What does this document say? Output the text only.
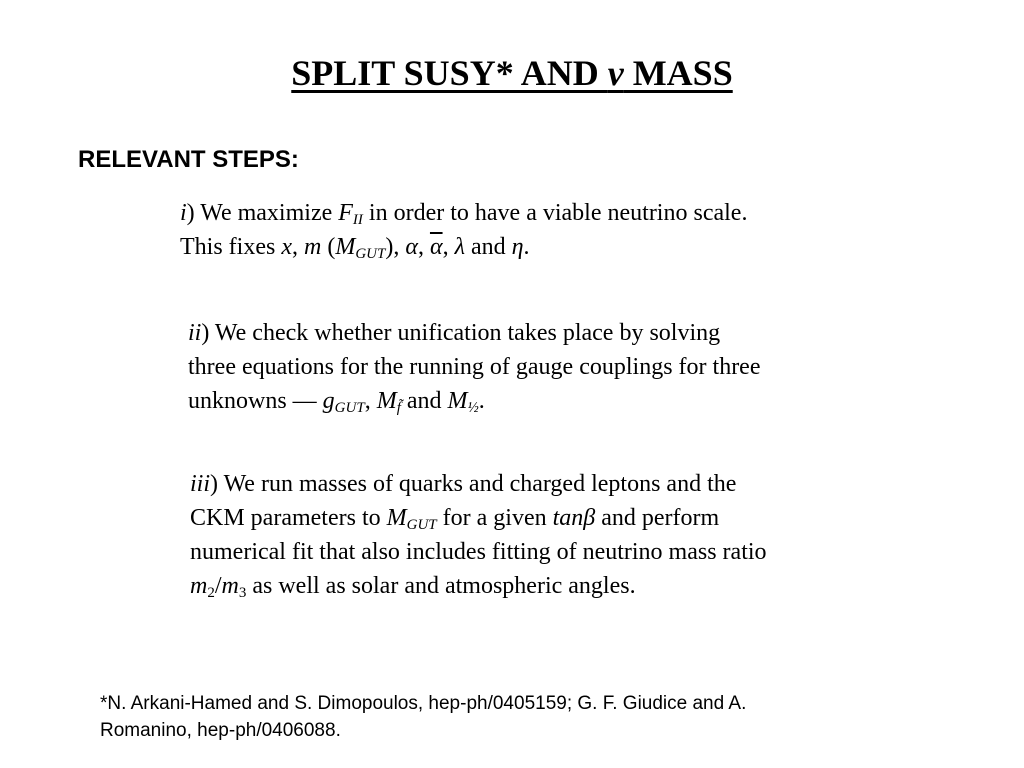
SPLIT SUSY* AND ν MASS
RELEVANT STEPS:
i) We maximize $F_{II}$ in order to have a viable neutrino scale.
This fixes x, m $(M_{GUT})$, α, $\overline{\alpha}$, λ and η.
ii) We check whether unification takes place by solving
three equations for the running of gauge couplings for three
unknowns ― $g_{GUT}$, $M_{f̃}$ and $M_{\frac{1}{2}}$.
iii) We run masses of quarks and charged leptons and the
CKM parameters to $M_{GUT}$ for a given tanβ and perform
numerical fit that also includes fitting of neutrino mass ratio
$m_2/m_3$ as well as solar and atmospheric angles.
*N. Arkani-Hamed and S. Dimopoulos, hep-ph/0405159; G. F. Giudice and A.
Romanino, hep-ph/0406088.
